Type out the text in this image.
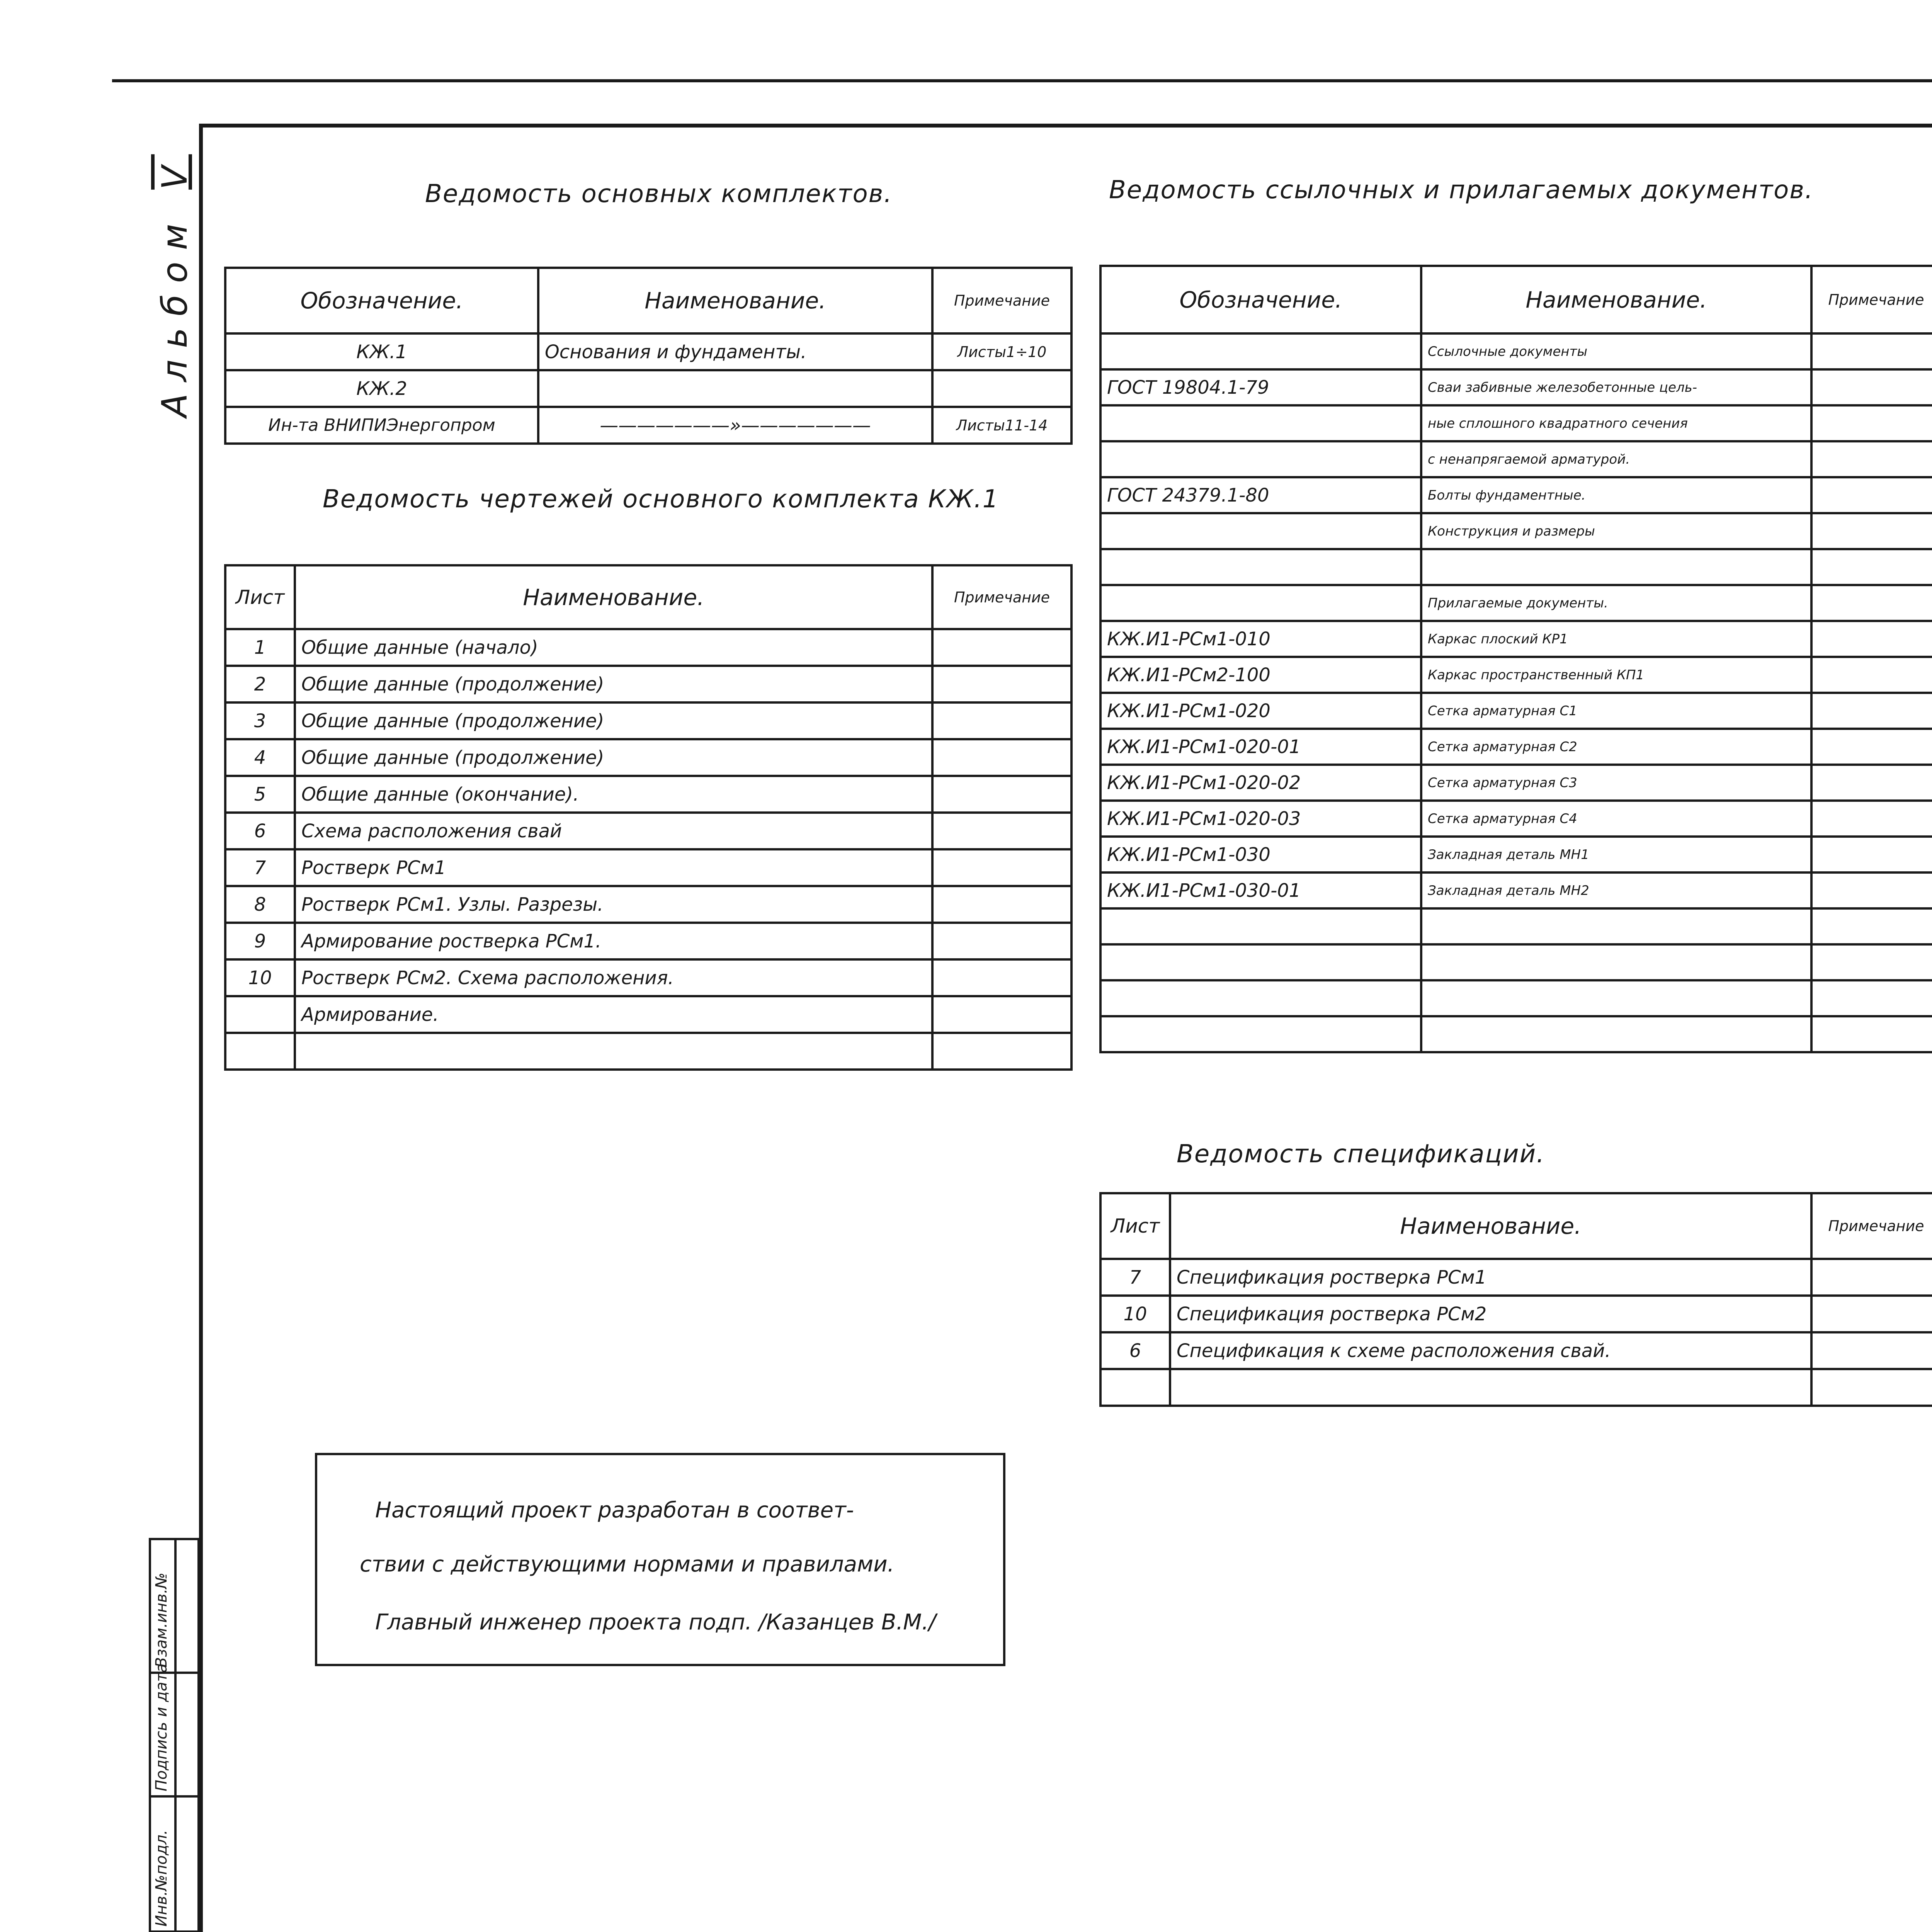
Альбом V
Инв.№подл.
Подпись и дата
Взам.инв.№
Ведомость основных комплектов.
Обозначение.	Наименование.	Примечание
КЖ.1	Основания и фундаменты.	Листы1÷10
КЖ.2		
Ин-та ВНИПИЭнергопром	———————»———————	Листы11-14
Ведомость чертежей основного комплекта КЖ.1
Лист	Наименование.	Примечание
1	Общие данные (начало)	
2	Общие данные (продолжение)	
3	Общие данные (продолжение)	
4	Общие данные (продолжение)	
5	Общие данные (окончание).	
6	Схема расположения свай	
7	Ростверк РСм1	
8	Ростверк РСм1. Узлы. Разрезы.	
9	Армирование ростверка РСм1.	
10	Ростверк РСм2. Схема расположения.	
	Армирование.	

Ведомость ссылочных и прилагаемых документов.
Обозначение.	Наименование.	Примечание
	Ссылочные документы	
ГОСТ 19804.1-79	Сваи забивные железобетонные цель-	
	ные сплошного квадратного сечения	
	с ненапрягаемой арматурой.	
ГОСТ 24379.1-80	Болты фундаментные.	
	Конструкция и размеры	

	Прилагаемые документы.	
КЖ.И1-РСм1-010	Каркас плоский КР1	
КЖ.И1-РСм2-100	Каркас пространственный КП1	
КЖ.И1-РСм1-020	Сетка арматурная С1	
КЖ.И1-РСм1-020-01	Сетка арматурная С2	
КЖ.И1-РСм1-020-02	Сетка арматурная С3	
КЖ.И1-РСм1-020-03	Сетка арматурная С4	
КЖ.И1-РСм1-030	Закладная деталь МН1	
КЖ.И1-РСм1-030-01	Закладная деталь МН2	

Ведомость спецификаций.
Лист	Наименование.	Примечание
7	Спецификация ростверка РСм1	
10	Спецификация ростверка РСм2	
6	Спецификация к схеме расположения свай.	

Настоящий проект разработан в соответ-
ствии с действующими нормами и правилами.
Главный инженер проекта подп. /Казанцев В.М./
